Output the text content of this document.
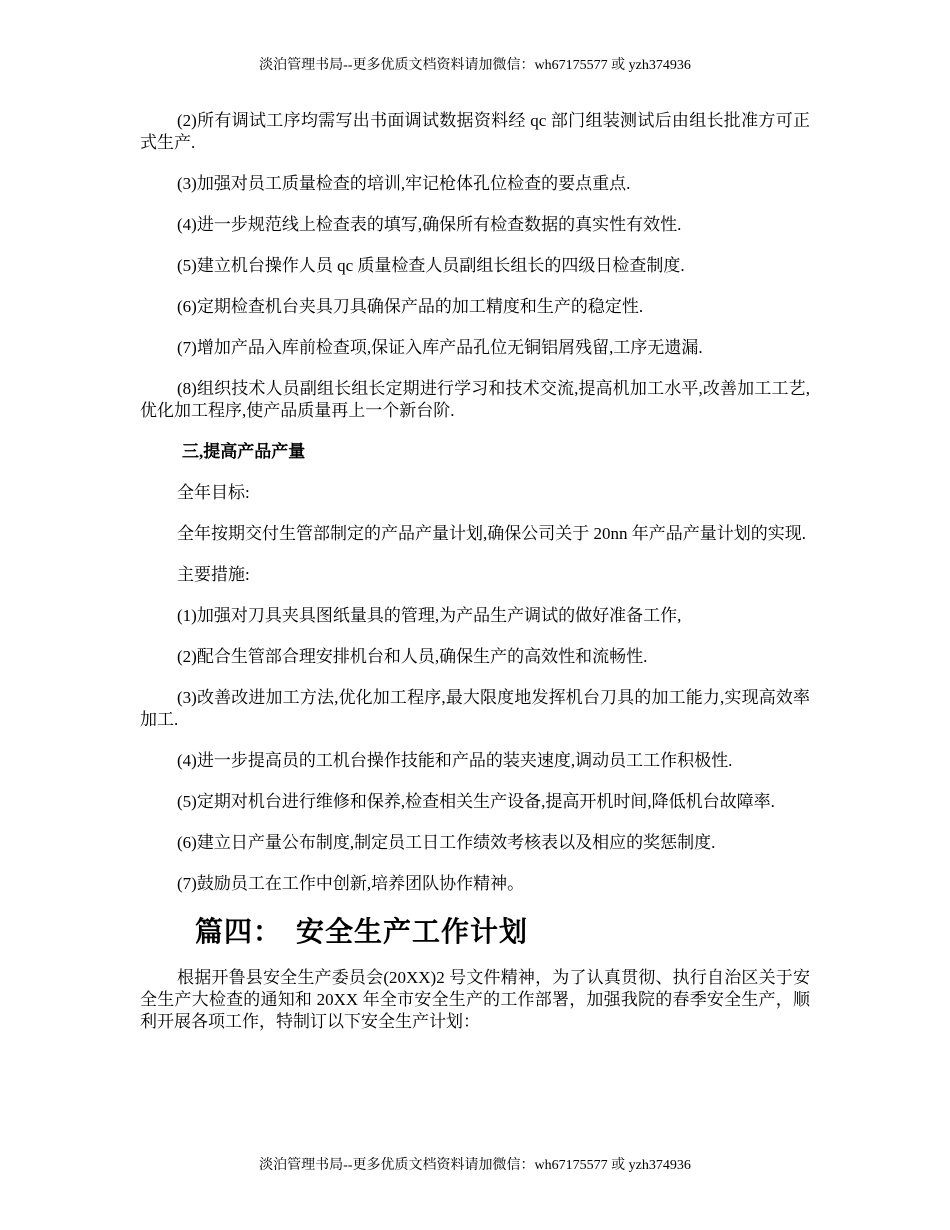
淡泊管理书局--更多优质文档资料请加微信：wh67175577 或 yzh374936

(2)所有调试工序均需写出书面调试数据资料经 qc 部门组装测试后由组长批准方可正式生产.

(3)加强对员工质量检查的培训,牢记枪体孔位检查的要点重点.

(4)进一步规范线上检查表的填写,确保所有检查数据的真实性有效性.

(5)建立机台操作人员 qc 质量检查人员副组长组长的四级日检查制度.

(6)定期检查机台夹具刀具确保产品的加工精度和生产的稳定性.

(7)增加产品入库前检查项,保证入库产品孔位无铜铝屑残留,工序无遗漏.

(8)组织技术人员副组长组长定期进行学习和技术交流,提高机加工水平,改善加工工艺,优化加工程序,使产品质量再上一个新台阶.

三,提高产品产量

全年目标:

全年按期交付生管部制定的产品产量计划,确保公司关于 20nn 年产品产量计划的实现.

主要措施:

(1)加强对刀具夹具图纸量具的管理,为产品生产调试的做好准备工作,

(2)配合生管部合理安排机台和人员,确保生产的高效性和流畅性.

(3)改善改进加工方法,优化加工程序,最大限度地发挥机台刀具的加工能力,实现高效率加工.

(4)进一步提高员的工机台操作技能和产品的装夹速度,调动员工工作积极性.

(5)定期对机台进行维修和保养,检查相关生产设备,提高开机时间,降低机台故障率.

(6)建立日产量公布制度,制定员工日工作绩效考核表以及相应的奖惩制度.

(7)鼓励员工在工作中创新,培养团队协作精神。

篇四： 安全生产工作计划

根据开鲁县安全生产委员会(20XX)2 号文件精神，为了认真贯彻、执行自治区关于安全生产大检查的通知和 20XX 年全市安全生产的工作部署，加强我院的春季安全生产，顺利开展各项工作，特制订以下安全生产计划：

淡泊管理书局--更多优质文档资料请加微信：wh67175577 或 yzh374936
